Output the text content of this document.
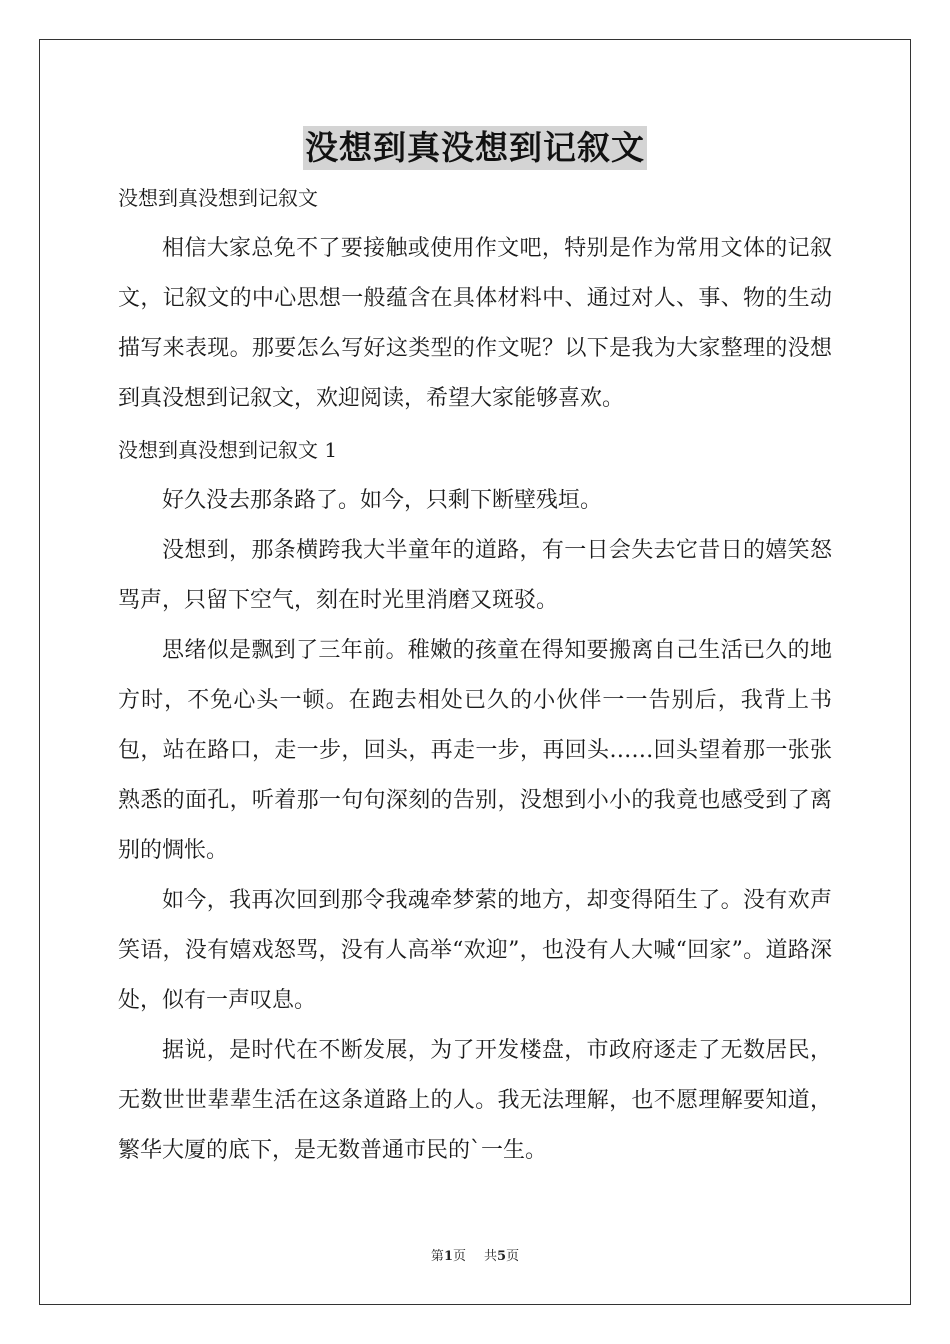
没想到真没想到记叙文

没想到真没想到记叙文

相信大家总免不了要接触或使用作文吧，特别是作为常用文体的记叙文，记叙文的中心思想一般蕴含在具体材料中、通过对人、事、物的生动描写来表现。那要怎么写好这类型的作文呢？以下是我为大家整理的没想到真没想到记叙文，欢迎阅读，希望大家能够喜欢。

没想到真没想到记叙文 1

好久没去那条路了。如今，只剩下断壁残垣。

没想到，那条横跨我大半童年的道路，有一日会失去它昔日的嬉笑怒骂声，只留下空气，刻在时光里消磨又斑驳。

思绪似是飘到了三年前。稚嫩的孩童在得知要搬离自己生活已久的地方时，不免心头一顿。在跑去相处已久的小伙伴一一告别后，我背上书包，站在路口，走一步，回头，再走一步，再回头……回头望着那一张张熟悉的面孔，听着那一句句深刻的告别，没想到小小的我竟也感受到了离别的惆怅。

如今，我再次回到那令我魂牵梦萦的地方，却变得陌生了。没有欢声笑语，没有嬉戏怒骂，没有人高举“欢迎”，也没有人大喊“回家”。道路深处，似有一声叹息。

据说，是时代在不断发展，为了开发楼盘，市政府逐走了无数居民，无数世世辈辈生活在这条道路上的人。我无法理解，也不愿理解要知道，繁华大厦的底下，是无数普通市民的`一生。

第1页 共5页
